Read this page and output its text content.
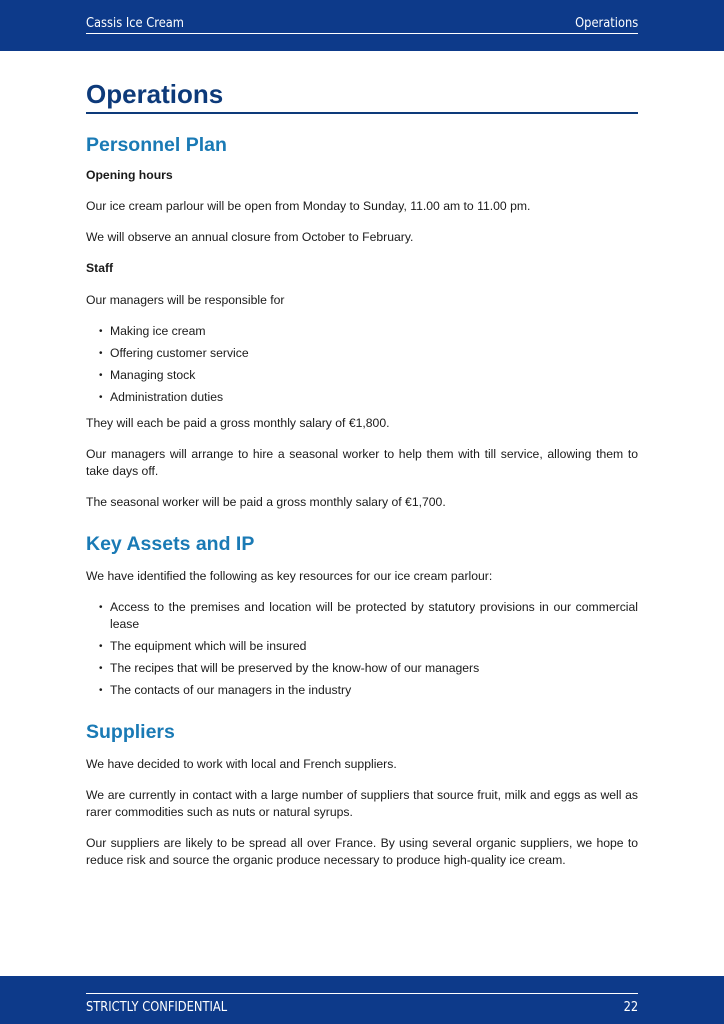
Cassis Ice Cream	Operations
Operations
Personnel Plan

Opening hours

Our ice cream parlour will be open from Monday to Sunday, 11.00 am to 11.00 pm.

We will observe an annual closure from October to February.

Staff

Our managers will be responsible for

• Making ice cream
• Offering customer service
• Managing stock
• Administration duties

They will each be paid a gross monthly salary of €1,800.

Our managers will arrange to hire a seasonal worker to help them with till service, allowing them to take days off.

The seasonal worker will be paid a gross monthly salary of €1,700.

Key Assets and IP

We have identified the following as key resources for our ice cream parlour:

• Access to the premises and location will be protected by statutory provisions in our commercial lease
• The equipment which will be insured
• The recipes that will be preserved by the know-how of our managers
• The contacts of our managers in the industry
Suppliers

We have decided to work with local and French suppliers.

We are currently in contact with a large number of suppliers that source fruit, milk and eggs as well as rarer commodities such as nuts or natural syrups.

Our suppliers are likely to be spread all over France. By using several organic suppliers, we hope to reduce risk and source the organic produce necessary to produce high-quality ice cream.

STRICTLY CONFIDENTIAL	22
